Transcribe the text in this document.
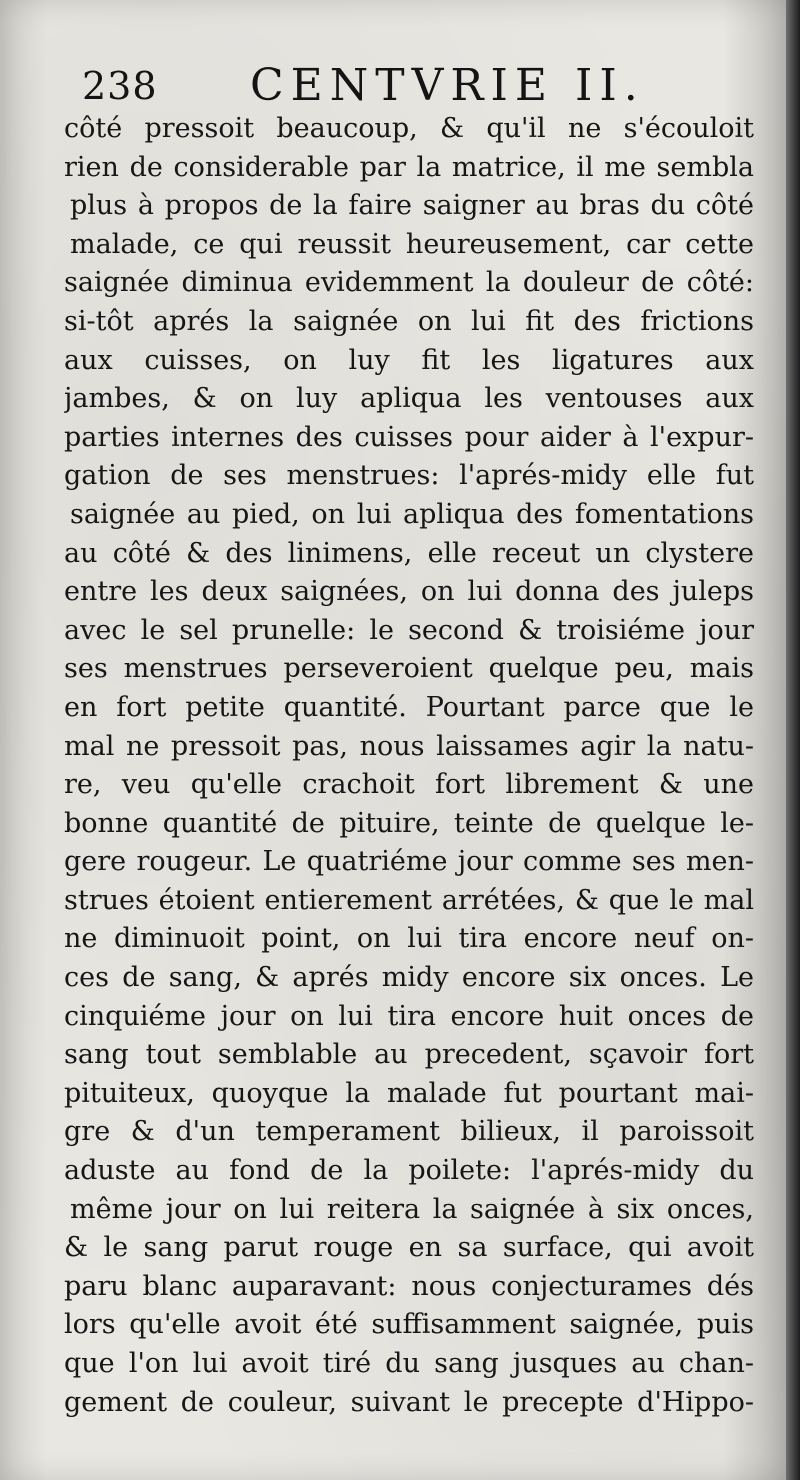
238 CENTVRIE II.
côté pressoit beaucoup, & qu'il ne s'écouloit
rien de considerable par la matrice, il me sembla
plus à propos de la faire saigner au bras du côté
malade, ce qui reussit heureusement, car cette
saignée diminua evidemment la douleur de côté:
si-tôt aprés la saignée on lui fit des frictions
aux cuisses, on luy fit les ligatures aux
jambes, & on luy apliqua les ventouses aux
parties internes des cuisses pour aider à l'expur-
gation de ses menstrues: l'aprés-midy elle fut
saignée au pied, on lui apliqua des fomentations
au côté & des linimens, elle receut un clystere
entre les deux saignées, on lui donna des juleps
avec le sel prunelle: le second & troisiéme jour
ses menstrues perseveroient quelque peu, mais
en fort petite quantité. Pourtant parce que le
mal ne pressoit pas, nous laissames agir la natu-
re, veu qu'elle crachoit fort librement & une
bonne quantité de pituire, teinte de quelque le-
gere rougeur. Le quatriéme jour comme ses men-
strues étoient entierement arrétées, & que le mal
ne diminuoit point, on lui tira encore neuf on-
ces de sang, & aprés midy encore six onces. Le
cinquiéme jour on lui tira encore huit onces de
sang tout semblable au precedent, sçavoir fort
pituiteux, quoyque la malade fut pourtant mai-
gre & d'un temperament bilieux, il paroissoit
aduste au fond de la poilete: l'aprés-midy du
même jour on lui reitera la saignée à six onces,
& le sang parut rouge en sa surface, qui avoit
paru blanc auparavant: nous conjecturames dés
lors qu'elle avoit été suffisamment saignée, puis
que l'on lui avoit tiré du sang jusques au chan-
gement de couleur, suivant le precepte d'Hippo-
